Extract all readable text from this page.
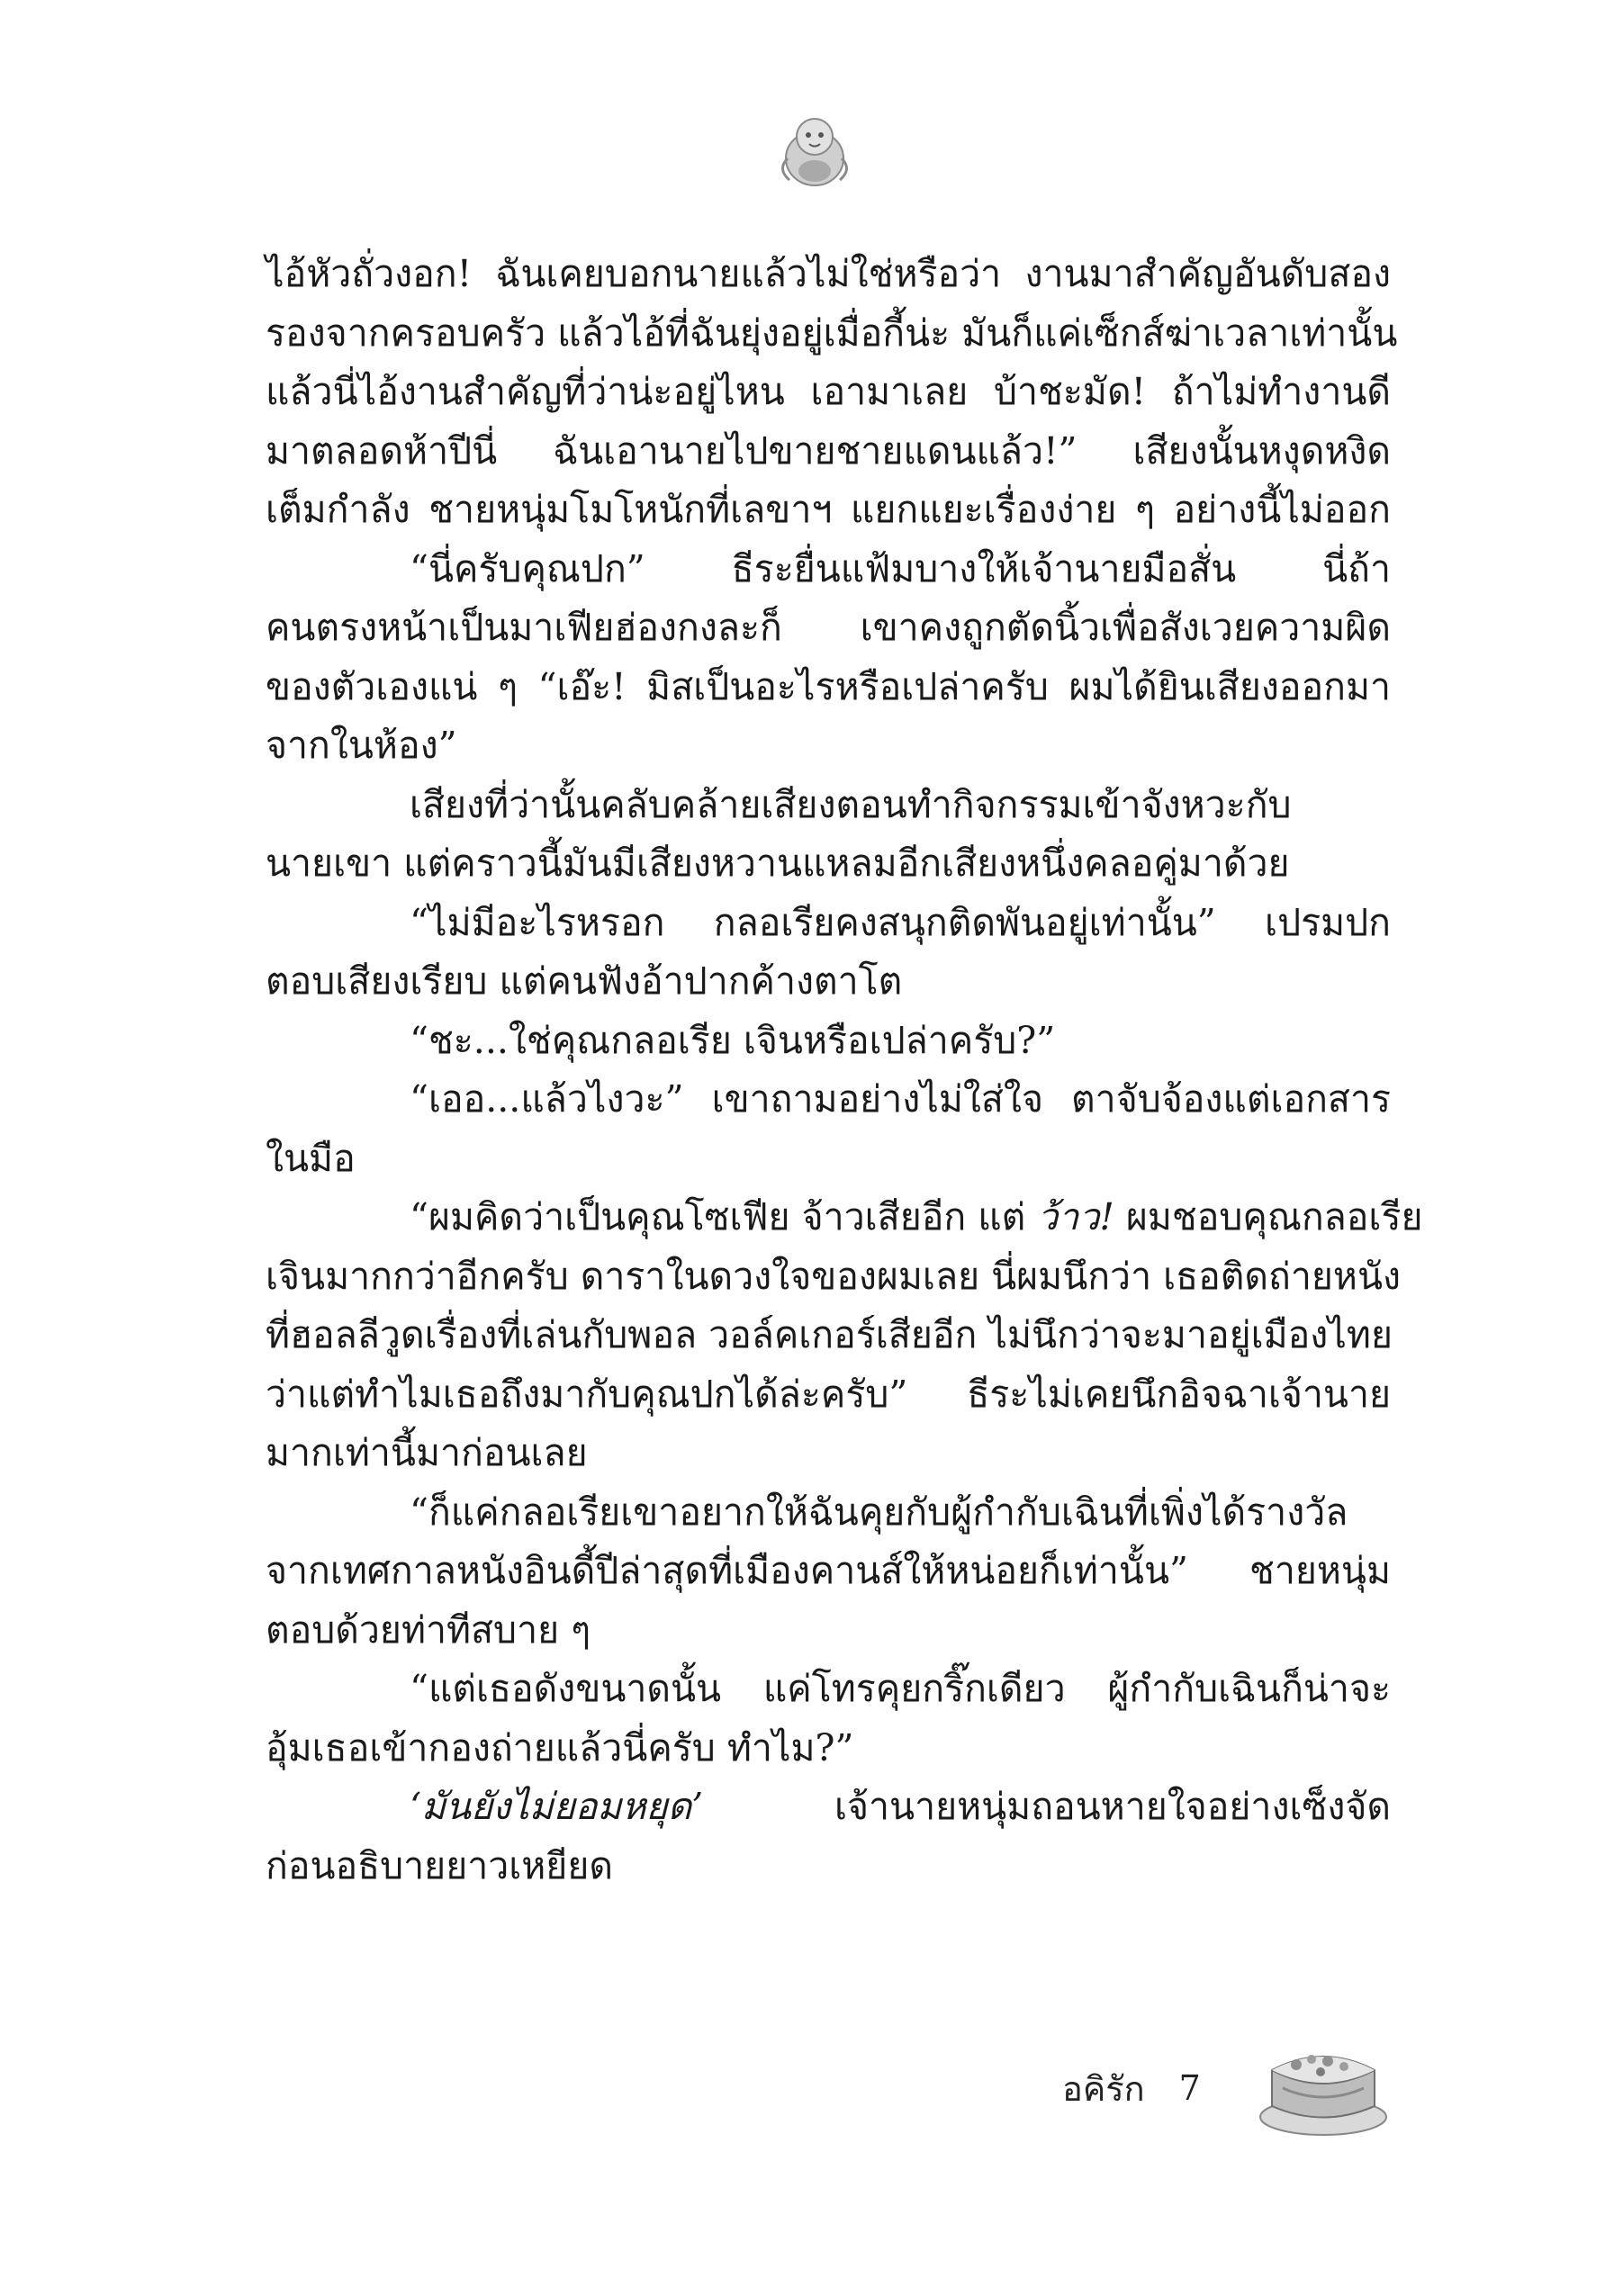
ไอ้หัวถั่วงอก! ฉันเคยบอกนายแล้วไม่ใช่หรือว่า งานมาสำคัญอันดับสอง
รองจากครอบครัว แล้วไอ้ที่ฉันยุ่งอยู่เมื่อกี้น่ะ มันก็แค่เซ็กส์ฆ่าเวลาเท่านั้น
แล้วนี่ไอ้งานสำคัญที่ว่าน่ะอยู่ไหน เอามาเลย บ้าชะมัด! ถ้าไม่ทำงานดี
มาตลอดห้าปีนี่ ฉันเอานายไปขายชายแดนแล้ว!” เสียงนั้นหงุดหงิด
เต็มกำลัง ชายหนุ่มโมโหนักที่เลขาฯ แยกแยะเรื่องง่าย ๆ อย่างนี้ไม่ออก
“นี่ครับคุณปก” ธีระยื่นแฟ้มบางให้เจ้านายมือสั่น นี่ถ้า
คนตรงหน้าเป็นมาเฟียฮ่องกงละก็ เขาคงถูกตัดนิ้วเพื่อสังเวยความผิด
ของตัวเองแน่ ๆ “เอ๊ะ! มิสเป็นอะไรหรือเปล่าครับ ผมได้ยินเสียงออกมา
จากในห้อง”
เสียงที่ว่านั้นคลับคล้ายเสียงตอนทำกิจกรรมเข้าจังหวะกับ
นายเขา แต่คราวนี้มันมีเสียงหวานแหลมอีกเสียงหนึ่งคลอคู่มาด้วย
“ไม่มีอะไรหรอก กลอเรียคงสนุกติดพันอยู่เท่านั้น” เปรมปก
ตอบเสียงเรียบ แต่คนฟังอ้าปากค้างตาโต
“ชะ...ใช่คุณกลอเรีย เจินหรือเปล่าครับ?”
“เออ...แล้วไงวะ” เขาถามอย่างไม่ใส่ใจ ตาจับจ้องแต่เอกสาร
ในมือ
“ผมคิดว่าเป็นคุณโซเฟีย จ้าวเสียอีก แต่ ว้าว! ผมชอบคุณกลอเรีย
เจินมากกว่าอีกครับ ดาราในดวงใจของผมเลย นี่ผมนึกว่า เธอติดถ่ายหนัง
ที่ฮอลลีวูดเรื่องที่เล่นกับพอล วอล์คเกอร์เสียอีก ไม่นึกว่าจะมาอยู่เมืองไทย
ว่าแต่ทำไมเธอถึงมากับคุณปกได้ล่ะครับ” ธีระไม่เคยนึกอิจฉาเจ้านาย
มากเท่านี้มาก่อนเลย
“ก็แค่กลอเรียเขาอยากให้ฉันคุยกับผู้กำกับเฉินที่เพิ่งได้รางวัล
จากเทศกาลหนังอินดี้ปีล่าสุดที่เมืองคานส์ให้หน่อยก็เท่านั้น” ชายหนุ่ม
ตอบด้วยท่าทีสบาย ๆ
“แต่เธอดังขนาดนั้น แค่โทรคุยกริ๊กเดียว ผู้กำกับเฉินก็น่าจะ
อุ้มเธอเข้ากองถ่ายแล้วนี่ครับ ทำไม?”
‘มันยังไม่ยอมหยุด’ เจ้านายหนุ่มถอนหายใจอย่างเซ็งจัด
ก่อนอธิบายยาวเหยียด
อคิรัก 7
